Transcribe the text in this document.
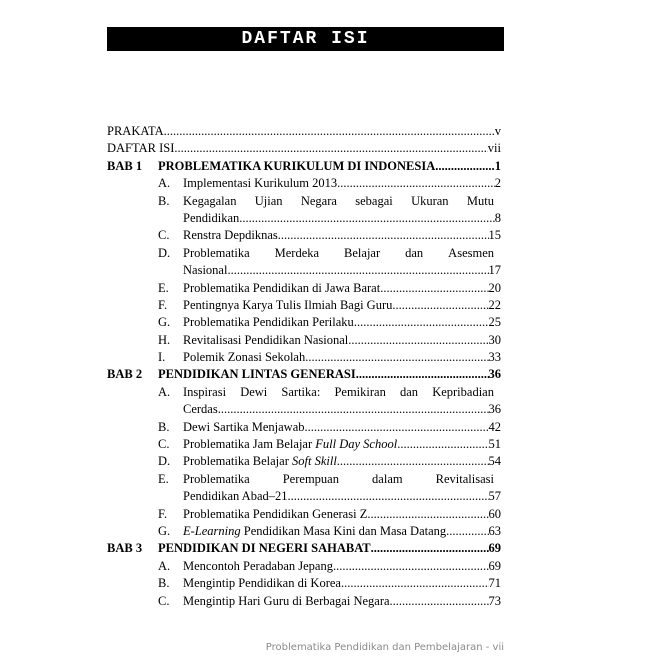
DAFTAR ISI
PRAKATA .....	v
DAFTAR ISI .....	vii
BAB 1 PROBLEMATIKA KURIKULUM DI INDONESIA .....	1
A. Implementasi Kurikulum 2013 .....	2
B. Kegagalan Ujian Negara sebagai Ukuran Mutu
Pendidikan .....	8
C. Renstra Depdiknas .....	15
D. Problematika Merdeka Belajar dan Asesmen
Nasional .....	17
E. Problematika Pendidikan di Jawa Barat .....	20
F. Pentingnya Karya Tulis Ilmiah Bagi Guru .....	22
G. Problematika Pendidikan Perilaku .....	25
H. Revitalisasi Pendidikan Nasional .....	30
I. Polemik Zonasi Sekolah .....	33
BAB 2 PENDIDIKAN LINTAS GENERASI .....	36
A. Inspirasi Dewi Sartika: Pemikiran dan Kepribadian
Cerdas .....	36
B. Dewi Sartika Menjawab .....	42
C. Problematika Jam Belajar Full Day School .....	51
D. Problematika Belajar Soft Skill .....	54
E. Problematika	Perempuan	dalam	Revitalisasi
Pendidikan Abad–21 .....	57
F. Problematika Pendidikan Generasi Z .....	60
G. E-Learning Pendidikan Masa Kini dan Masa Datang .....	63
BAB 3 PENDIDIKAN DI NEGERI SAHABAT .....	69
A. Mencontoh Peradaban Jepang .....	69
B. Mengintip Pendidikan di Korea .....	71
C. Mengintip Hari Guru di Berbagai Negara .....	73
Problematika Pendidikan dan Pembelajaran - vii
